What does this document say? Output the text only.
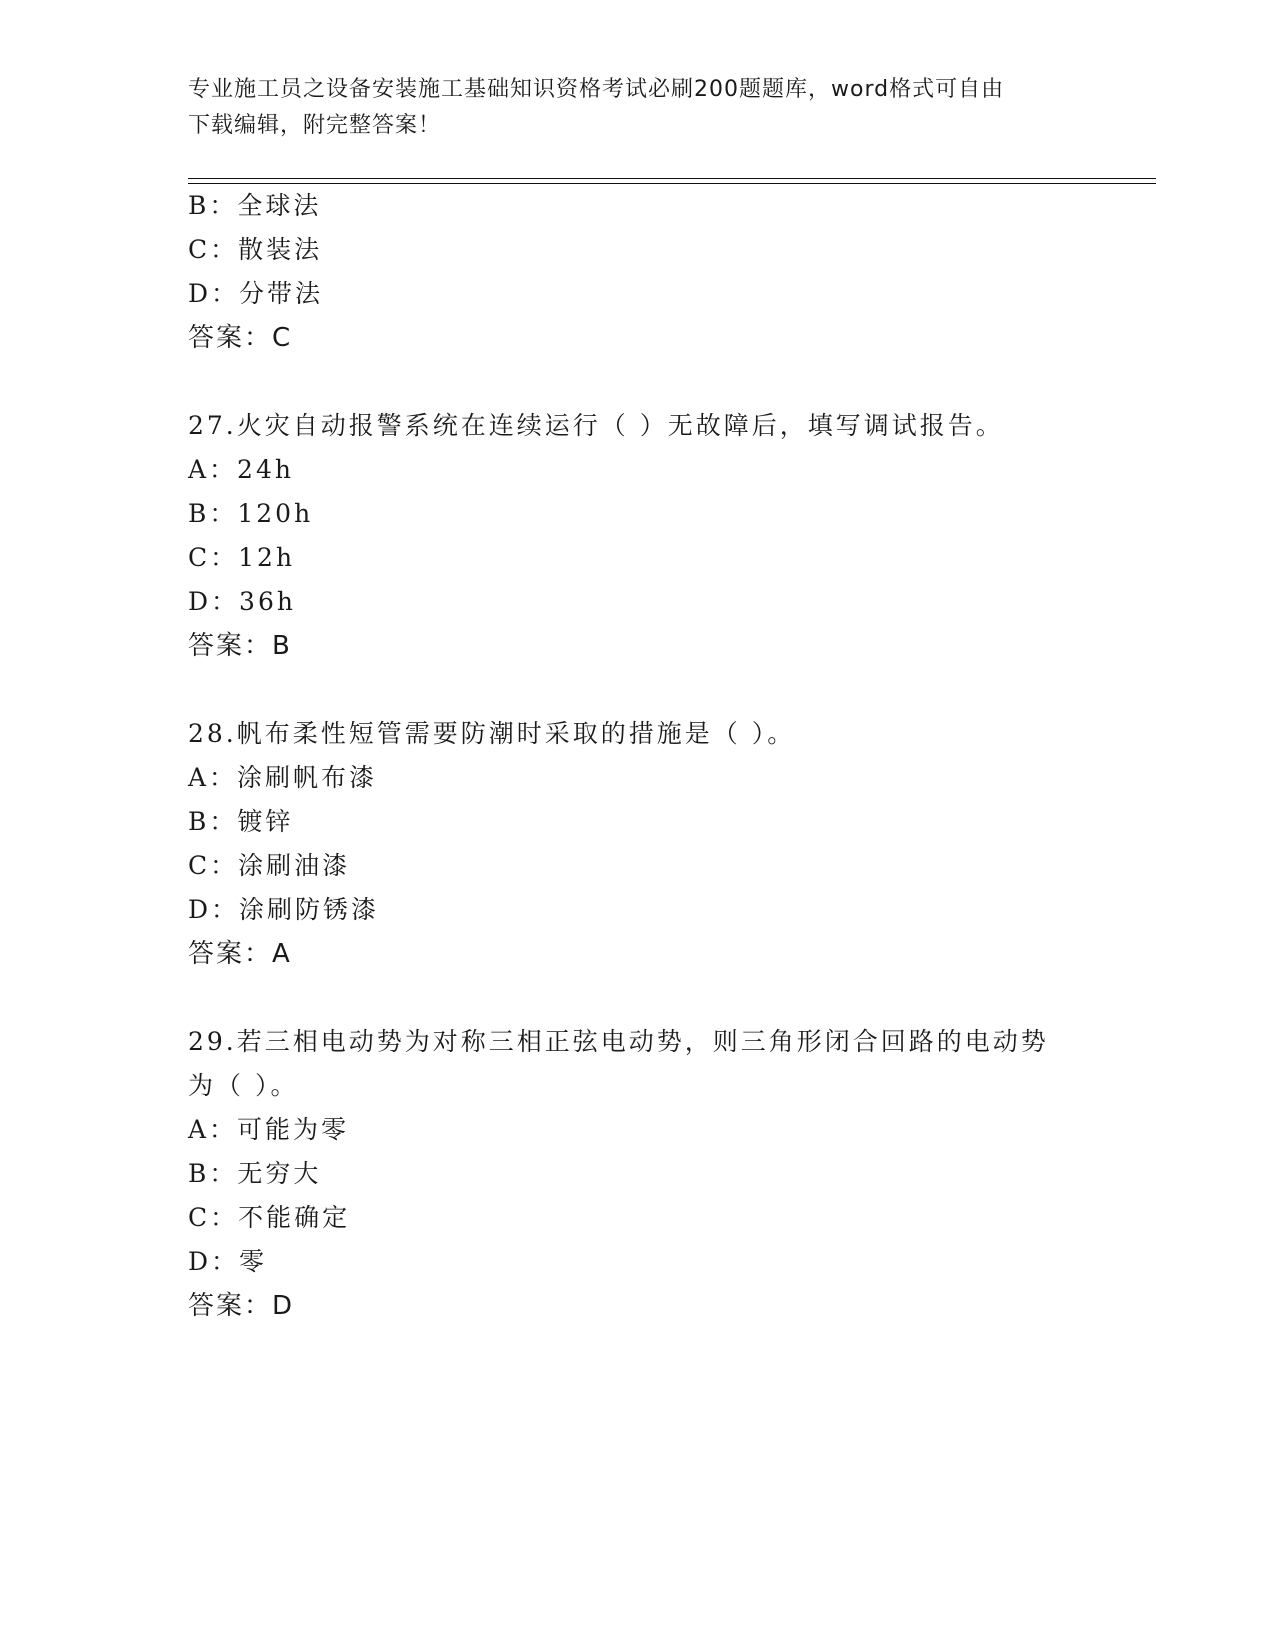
专业施工员之设备安装施工基础知识资格考试必刷200题题库，word格式可自由
下载编辑，附完整答案！
B：全球法
C：散装法
D：分带法
答案：C
27.火灾自动报警系统在连续运行（ ）无故障后，填写调试报告。
A：24h
B：120h
C：12h
D：36h
答案：B
28.帆布柔性短管需要防潮时采取的措施是（ ）。
A：涂刷帆布漆
B：镀锌
C：涂刷油漆
D：涂刷防锈漆
答案：A
29.若三相电动势为对称三相正弦电动势，则三角形闭合回路的电动势
为（ ）。
A：可能为零
B：无穷大
C：不能确定
D：零
答案：D
